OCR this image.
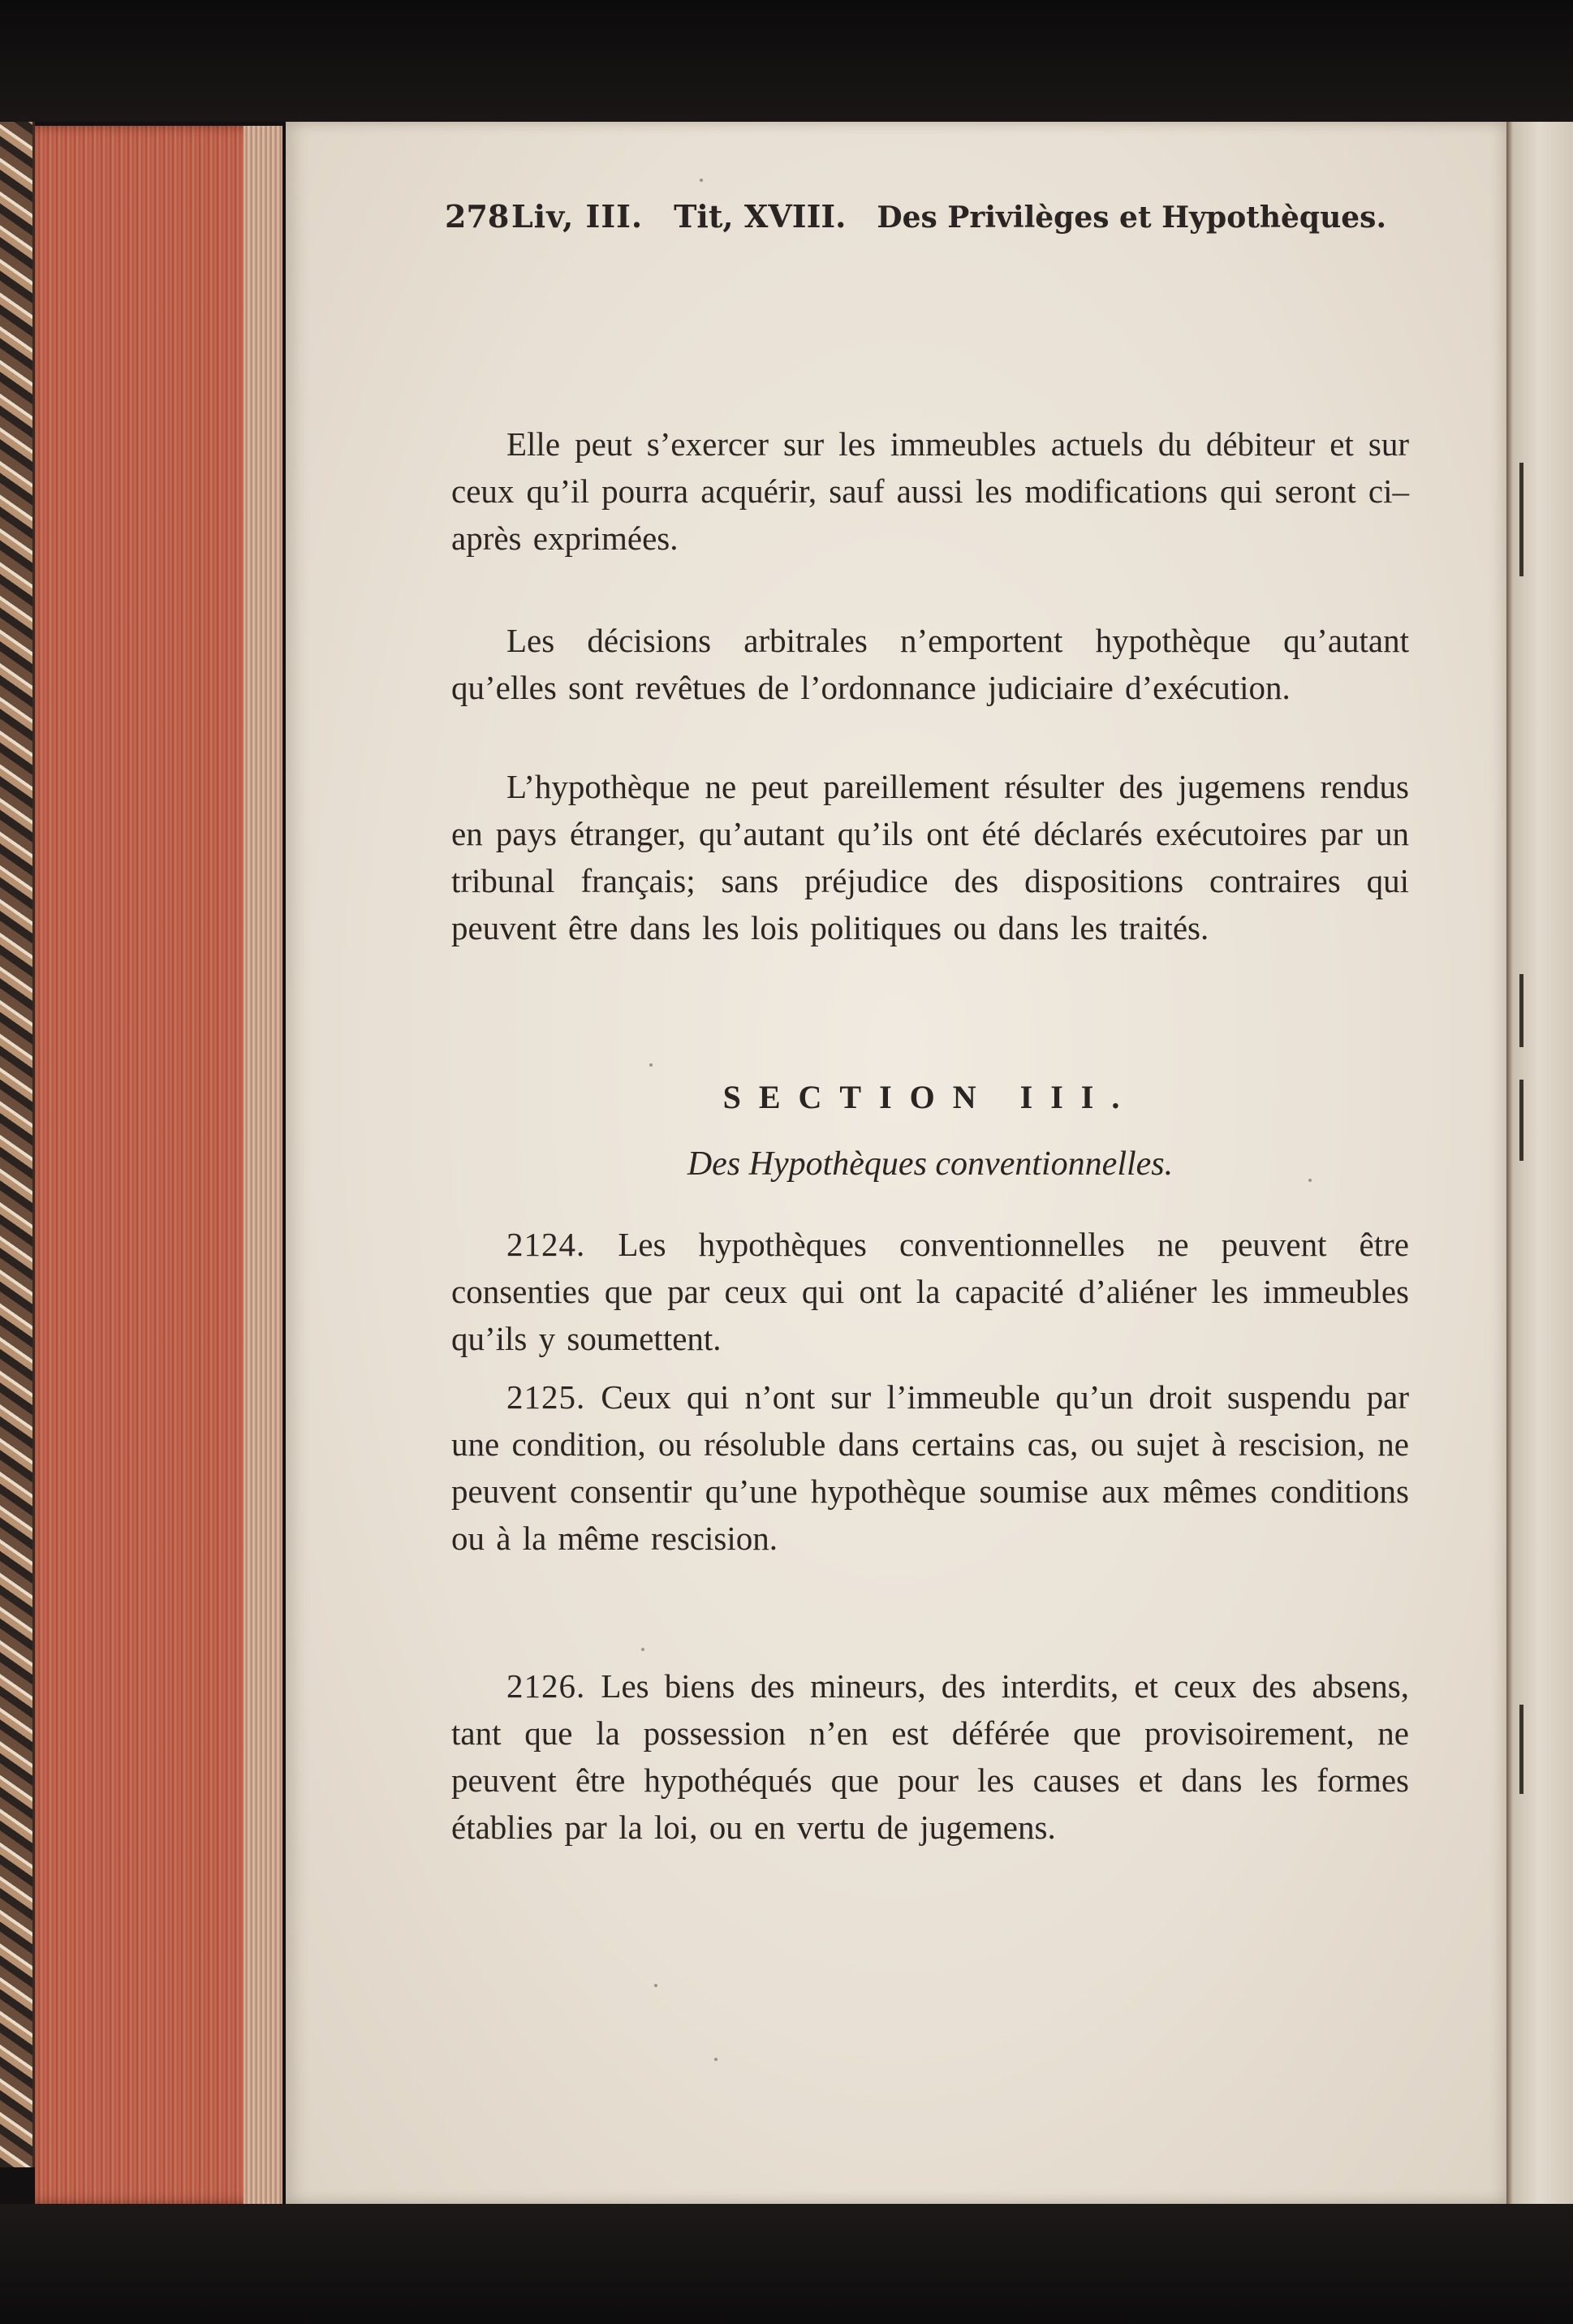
278 Liv, III. Tit, XVIII. Des Privilèges et Hypothèques.

Elle peut s’exercer sur les immeubles actuels du débiteur et sur ceux qu’il pourra acquérir, sauf aussi les modifications qui seront ci–après exprimées.

Les décisions arbitrales n’emportent hypothèque qu’autant qu’elles sont revêtues de l’ordonnance judiciaire d’exécution.

L’hypothèque ne peut pareillement résulter des jugemens rendus en pays étranger, qu’autant qu’ils ont été déclarés exécutoires par un tribunal français; sans préjudice des dispositions contraires qui peuvent être dans les lois politiques ou dans les traités.

SECTION III.
Des Hypothèques conventionnelles.

2124. Les hypothèques conventionnelles ne peuvent être consenties que par ceux qui ont la capacité d’aliéner les immeubles qu’ils y soumettent.

2125. Ceux qui n’ont sur l’immeuble qu’un droit suspendu par une condition, ou résoluble dans certains cas, ou sujet à rescision, ne peuvent consentir qu’une hypothèque soumise aux mêmes conditions ou à la même rescision.

2126. Les biens des mineurs, des interdits, et ceux des absens, tant que la possession n’en est déférée que provisoirement, ne peuvent être hypothéqués que pour les causes et dans les formes établies par la loi, ou en vertu de jugemens.
